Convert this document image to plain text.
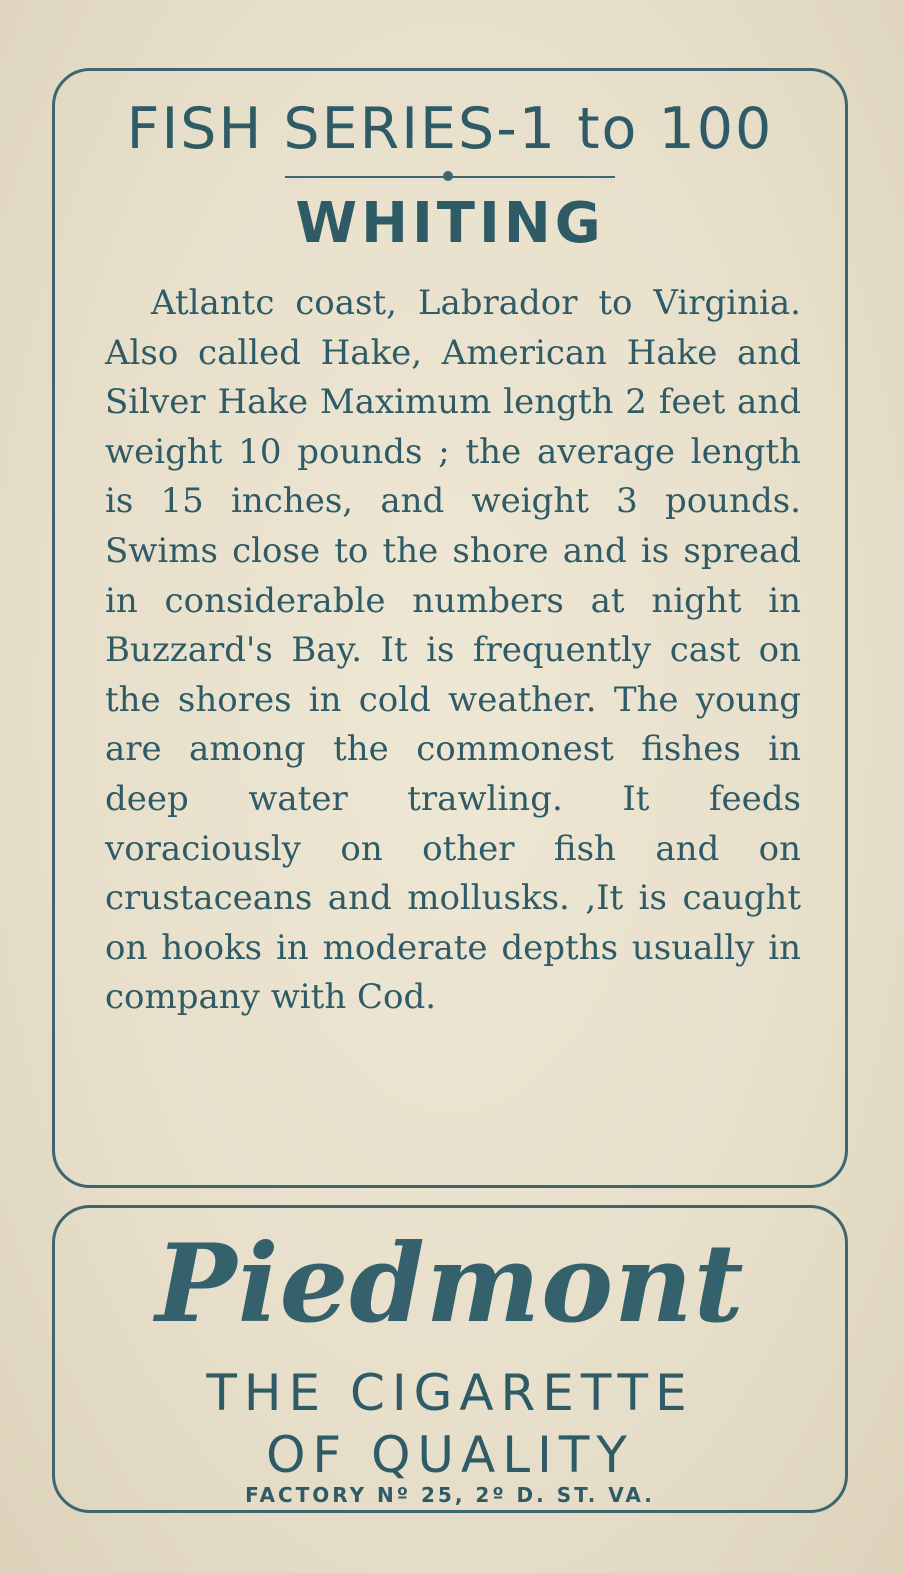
FISH SERIES-1 to 100
WHITING
Atlantc coast, Labrador to Virginia. Also called Hake, American Hake and Silver Hake Maximum length 2 feet and weight 10 pounds ; the average length is 15 inches, and weight 3 pounds. Swims close to the shore and is spread in considerable numbers at night in Buzzard's Bay. It is frequently cast on the shores in cold weather. The young are among the commonest fishes in deep water trawling. It feeds voraciously on other fish and on crustaceans and mollusks. ,It is caught on hooks in moderate depths usually in company with Cod.
Piedmont
THE CIGARETTE
OF QUALITY
FACTORY Nº 25, 2º D. ST. VA.
